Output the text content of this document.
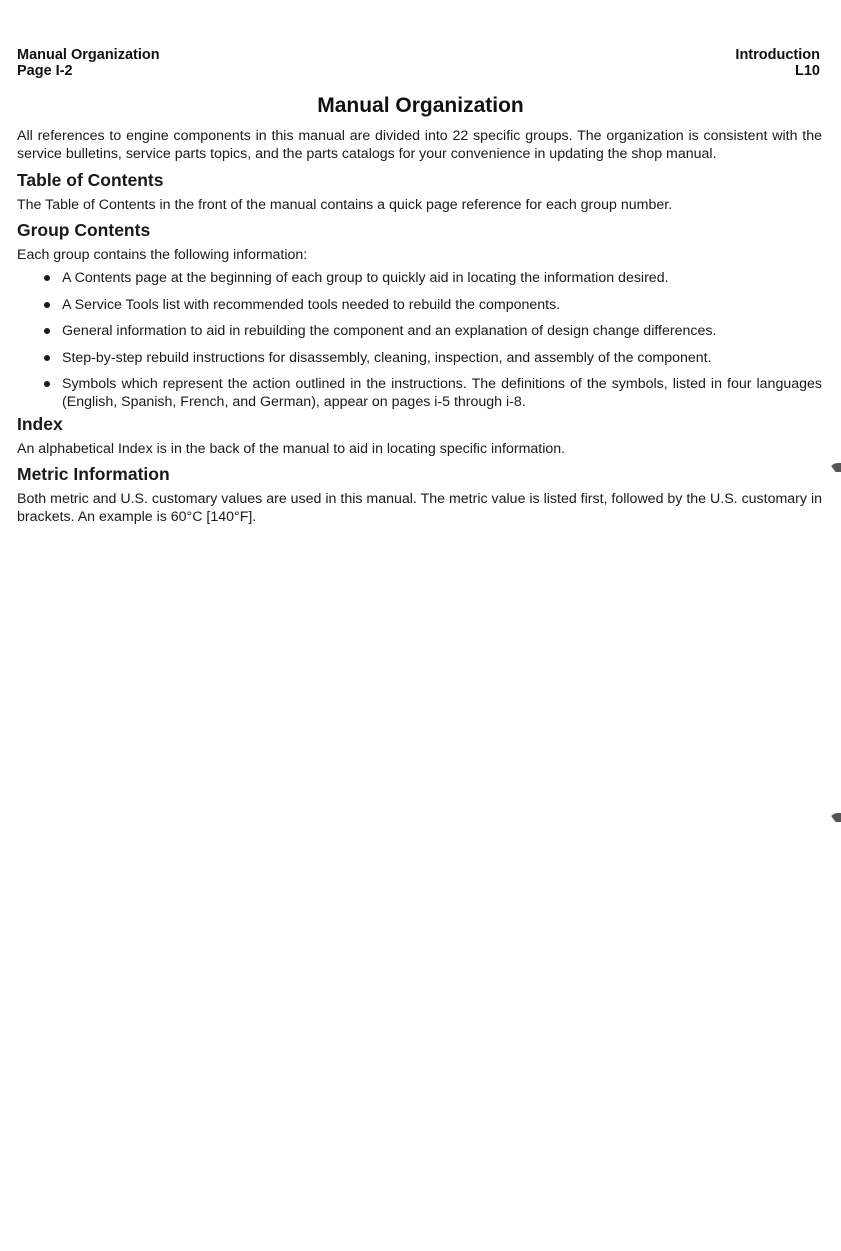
Manual Organization
Page I-2
Introduction
L10
Manual Organization

All references to engine components in this manual are divided into 22 specific groups. The organization is consistent with the service bulletins, service parts topics, and the parts catalogs for your convenience in updating the shop manual.

Table of Contents

The Table of Contents in the front of the manual contains a quick page reference for each group number.

Group Contents

Each group contains the following information:

A Contents page at the beginning of each group to quickly aid in locating the information desired.
A Service Tools list with recommended tools needed to rebuild the components.
General information to aid in rebuilding the component and an explanation of design change differences.
Step-by-step rebuild instructions for disassembly, cleaning, inspection, and assembly of the component.
Symbols which represent the action outlined in the instructions. The definitions of the symbols, listed in four languages (English, Spanish, French, and German), appear on pages i-5 through i-8.
Index

An alphabetical Index is in the back of the manual to aid in locating specific information.

Metric Information

Both metric and U.S. customary values are used in this manual. The metric value is listed first, followed by the U.S. customary in brackets. An example is 60°C [140°F].
